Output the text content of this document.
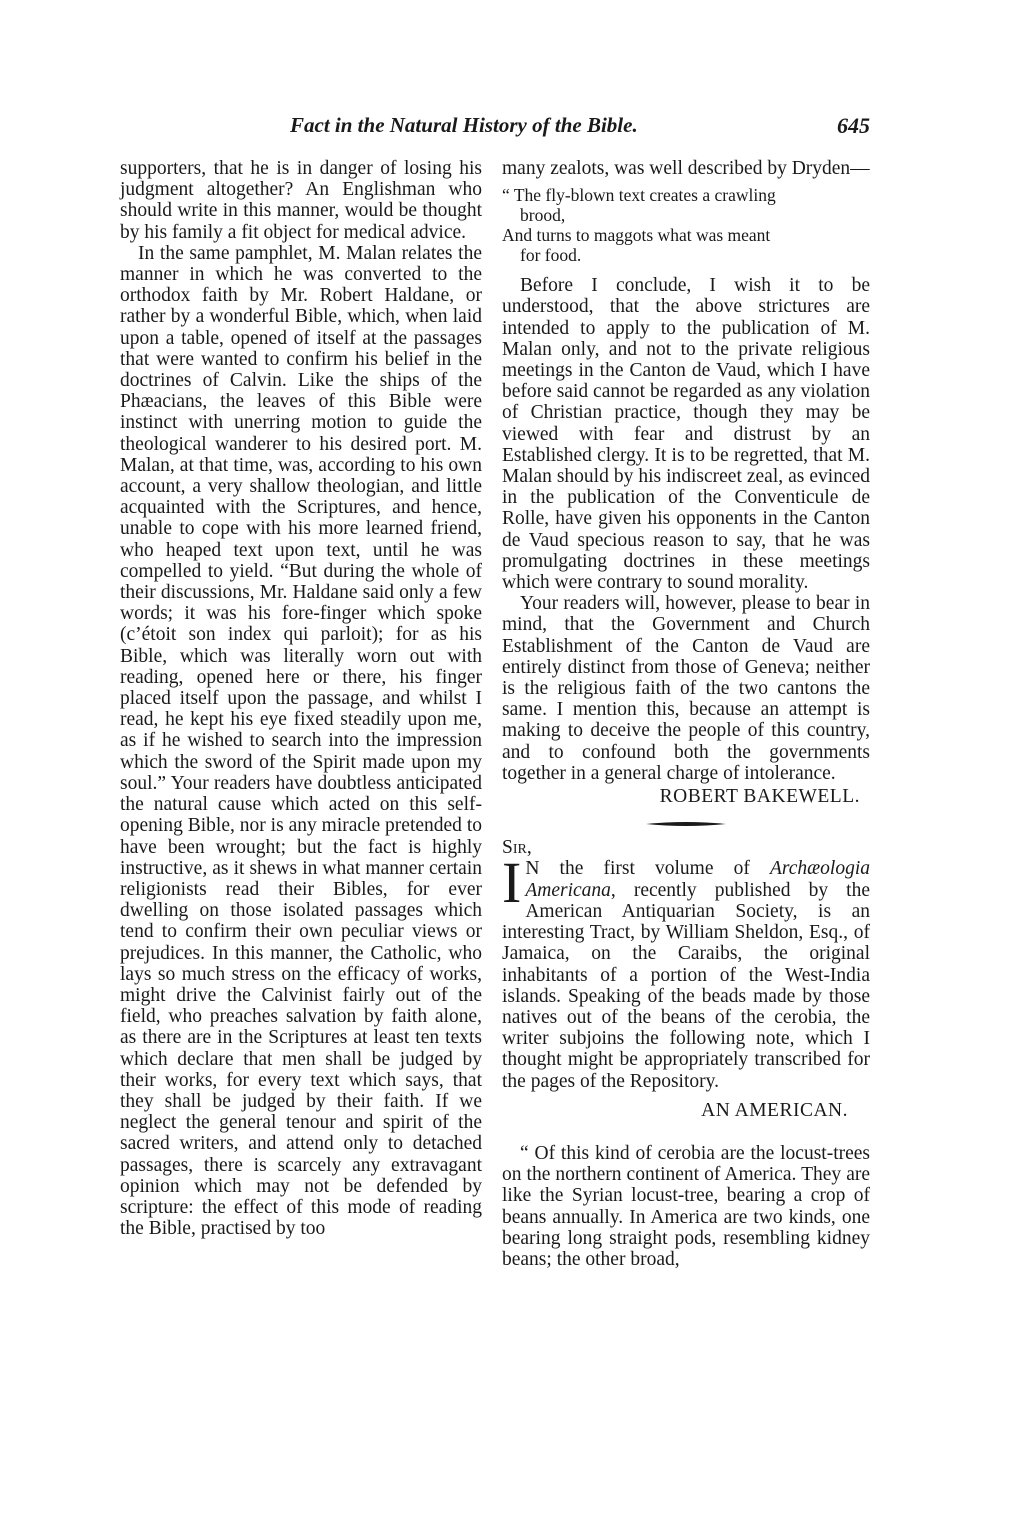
Fact in the Natural History of the Bible.	645

supporters, that he is in danger of losing his judgment altogether? An Englishman who should write in this manner, would be thought by his family a fit object for medical advice.

In the same pamphlet, M. Malan relates the manner in which he was converted to the orthodox faith by Mr. Robert Haldane, or rather by a wonderful Bible, which, when laid upon a table, opened of itself at the passages that were wanted to confirm his belief in the doctrines of Calvin. Like the ships of the Phæacians, the leaves of this Bible were instinct with unerring motion to guide the theological wanderer to his desired port. M. Malan, at that time, was, according to his own account, a very shallow theologian, and little acquainted with the Scriptures, and hence, unable to cope with his more learned friend, who heaped text upon text, until he was compelled to yield. “But during the whole of their discussions, Mr. Haldane said only a few words; it was his fore-finger which spoke (c’étoit son index qui parloit); for as his Bible, which was literally worn out with reading, opened here or there, his finger placed itself upon the passage, and whilst I read, he kept his eye fixed steadily upon me, as if he wished to search into the impression which the sword of the Spirit made upon my soul.” Your readers have doubtless anticipated the natural cause which acted on this self-opening Bible, nor is any miracle pretended to have been wrought; but the fact is highly instructive, as it shews in what manner certain religionists read their Bibles, for ever dwelling on those isolated passages which tend to confirm their own peculiar views or prejudices. In this manner, the Catholic, who lays so much stress on the efficacy of works, might drive the Calvinist fairly out of the field, who preaches salvation by faith alone, as there are in the Scriptures at least ten texts which declare that men shall be judged by their works, for every text which says, that they shall be judged by their faith. If we neglect the general tenour and spirit of the sacred writers, and attend only to detached passages, there is scarcely any extravagant opinion which may not be defended by scripture: the effect of this mode of reading the Bible, practised by too

many zealots, was well described by Dryden—

“ The fly-blown text creates a crawling
brood,
And turns to maggots what was meant
for food.

Before I conclude, I wish it to be understood, that the above strictures are intended to apply to the publication of M. Malan only, and not to the private religious meetings in the Canton de Vaud, which I have before said cannot be regarded as any violation of Christian practice, though they may be viewed with fear and distrust by an Established clergy. It is to be regretted, that M. Malan should by his indiscreet zeal, as evinced in the publication of the Conventicule de Rolle, have given his opponents in the Canton de Vaud specious reason to say, that he was promulgating doctrines in these meetings which were contrary to sound morality.

Your readers will, however, please to bear in mind, that the Government and Church Establishment of the Canton de Vaud are entirely distinct from those of Geneva; neither is the religious faith of the two cantons the same. I mention this, because an attempt is making to deceive the people of this country, and to confound both the governments together in a general charge of intolerance.

ROBERT BAKEWELL.

Sir,

I N the first volume of Archæologia Americana, recently published by the American Antiquarian Society, is an interesting Tract, by William Sheldon, Esq., of Jamaica, on the Caraibs, the original inhabitants of a portion of the West-India islands. Speaking of the beads made by those natives out of the beans of the cerobia, the writer subjoins the following note, which I thought might be appropriately transcribed for the pages of the Repository.

AN AMERICAN.

“ Of this kind of cerobia are the locust-trees on the northern continent of America. They are like the Syrian locust-tree, bearing a crop of beans annually. In America are two kinds, one bearing long straight pods, resembling kidney beans; the other broad,
